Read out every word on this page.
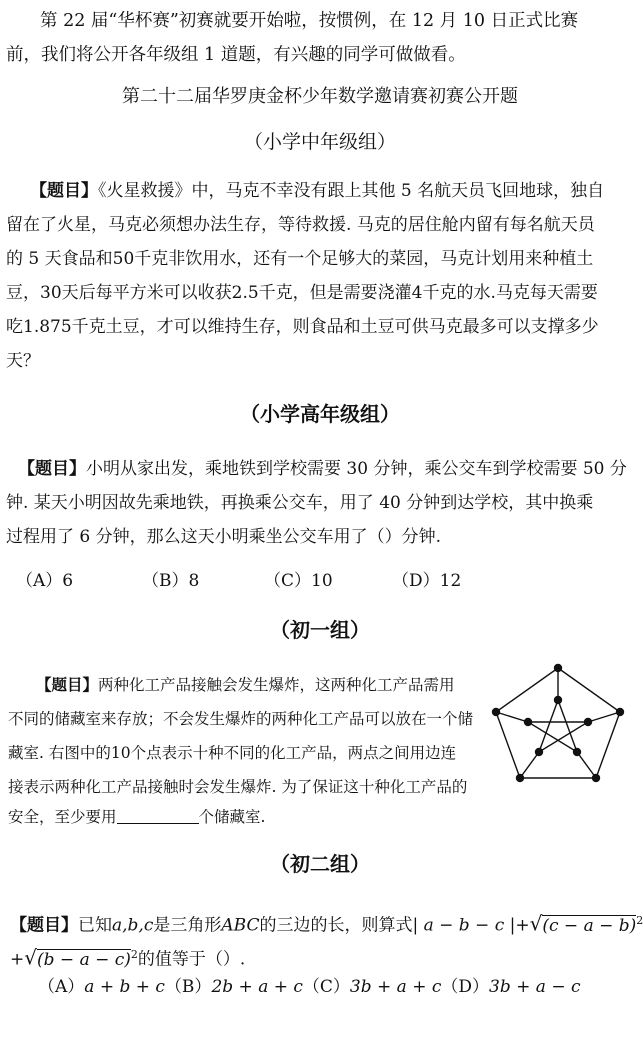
第 22 届“华杯赛”初赛就要开始啦，按惯例，在 12 月 10 日正式比赛

前，我们将公开各年级组 1 道题，有兴趣的同学可做做看。

第二十二届华罗庚金杯少年数学邀请赛初赛公开题

（小学中年级组）

【题目】《火星救援》中，马克不幸没有跟上其他 5 名航天员飞回地球，独自

留在了火星，马克必须想办法生存，等待救援. 马克的居住舱内留有每名航天员

的 5 天食品和50千克非饮用水，还有一个足够大的菜园，马克计划用来种植土

豆，30天后每平方米可以收获2.5千克，但是需要浇灌4千克的水.马克每天需要

吃1.875千克土豆，才可以维持生存，则食品和土豆可供马克最多可以支撑多少

天？

（小学高年级组）

【题目】小明从家出发，乘地铁到学校需要 30 分钟，乘公交车到学校需要 50 分

钟. 某天小明因故先乘地铁，再换乘公交车，用了 40 分钟到达学校，其中换乘

过程用了 6 分钟，那么这天小明乘坐公交车用了（）分钟.

（A）6	（B）8	（C）10	（D）12

（初一组）

【题目】两种化工产品接触会发生爆炸，这两种化工产品需用

不同的储藏室来存放；不会发生爆炸的两种化工产品可以放在一个储

藏室. 右图中的10个点表示十种不同的化工产品，两点之间用边连

接表示两种化工产品接触时会发生爆炸. 为了保证这十种化工产品的

安全，至少要用	个储藏室.

（初二组）

【题目】已知a,b,c是三角形ABC的三边的长，则算式| a − b − c $|+√(c - a - b)^2$

$+√(b - a - c)^2$的值等于（）.

（A）a + b + c（B）2b + a + c（C）3b + a + c（D）3b + a − c
